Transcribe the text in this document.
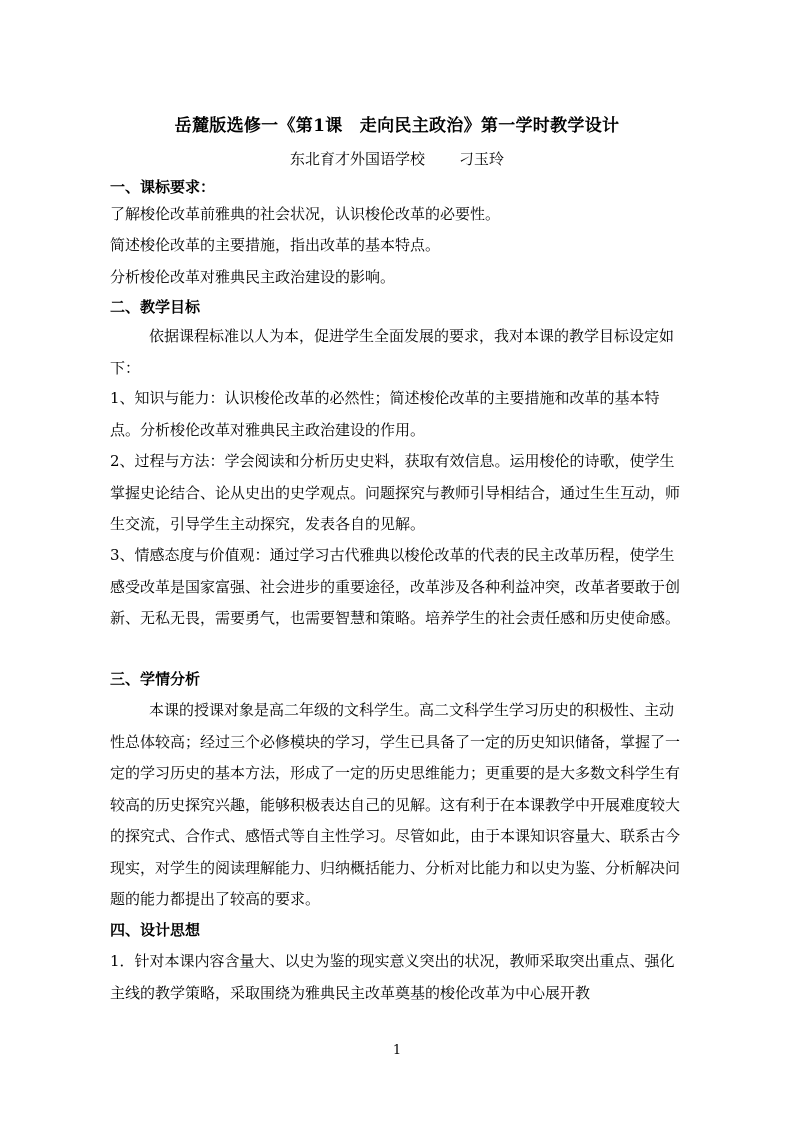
岳麓版选修一《第1课　走向民主政治》第一学时教学设计
东北育才外国语学校 刁玉玲
一、课标要求：
了解梭伦改革前雅典的社会状况，认识梭伦改革的必要性。
简述梭伦改革的主要措施，指出改革的基本特点。
分析梭伦改革对雅典民主政治建设的影响。
二、教学目标
依据课程标准以人为本，促进学生全面发展的要求，我对本课的教学目标设定如下：
1、知识与能力：认识梭伦改革的必然性；简述梭伦改革的主要措施和改革的基本特点。分析梭伦改革对雅典民主政治建设的作用。
2、过程与方法：学会阅读和分析历史史料，获取有效信息。运用梭伦的诗歌，使学生掌握史论结合、论从史出的史学观点。问题探究与教师引导相结合，通过生生互动，师生交流，引导学生主动探究，发表各自的见解。
3、情感态度与价值观：通过学习古代雅典以梭伦改革的代表的民主改革历程，使学生感受改革是国家富强、社会进步的重要途径，改革涉及各种利益冲突，改革者要敢于创新、无私无畏，需要勇气，也需要智慧和策略。培养学生的社会责任感和历史使命感。
三、学情分析
本课的授课对象是高二年级的文科学生。高二文科学生学习历史的积极性、主动性总体较高；经过三个必修模块的学习，学生已具备了一定的历史知识储备，掌握了一定的学习历史的基本方法，形成了一定的历史思维能力；更重要的是大多数文科学生有较高的历史探究兴趣，能够积极表达自己的见解。这有利于在本课教学中开展难度较大的探究式、合作式、感悟式等自主性学习。尽管如此，由于本课知识容量大、联系古今现实，对学生的阅读理解能力、归纳概括能力、分析对比能力和以史为鉴、分析解决问题的能力都提出了较高的要求。
四、设计思想
1．针对本课内容含量大、以史为鉴的现实意义突出的状况，教师采取突出重点、强化主线的教学策略，采取围绕为雅典民主改革奠基的梭伦改革为中心展开教
1
